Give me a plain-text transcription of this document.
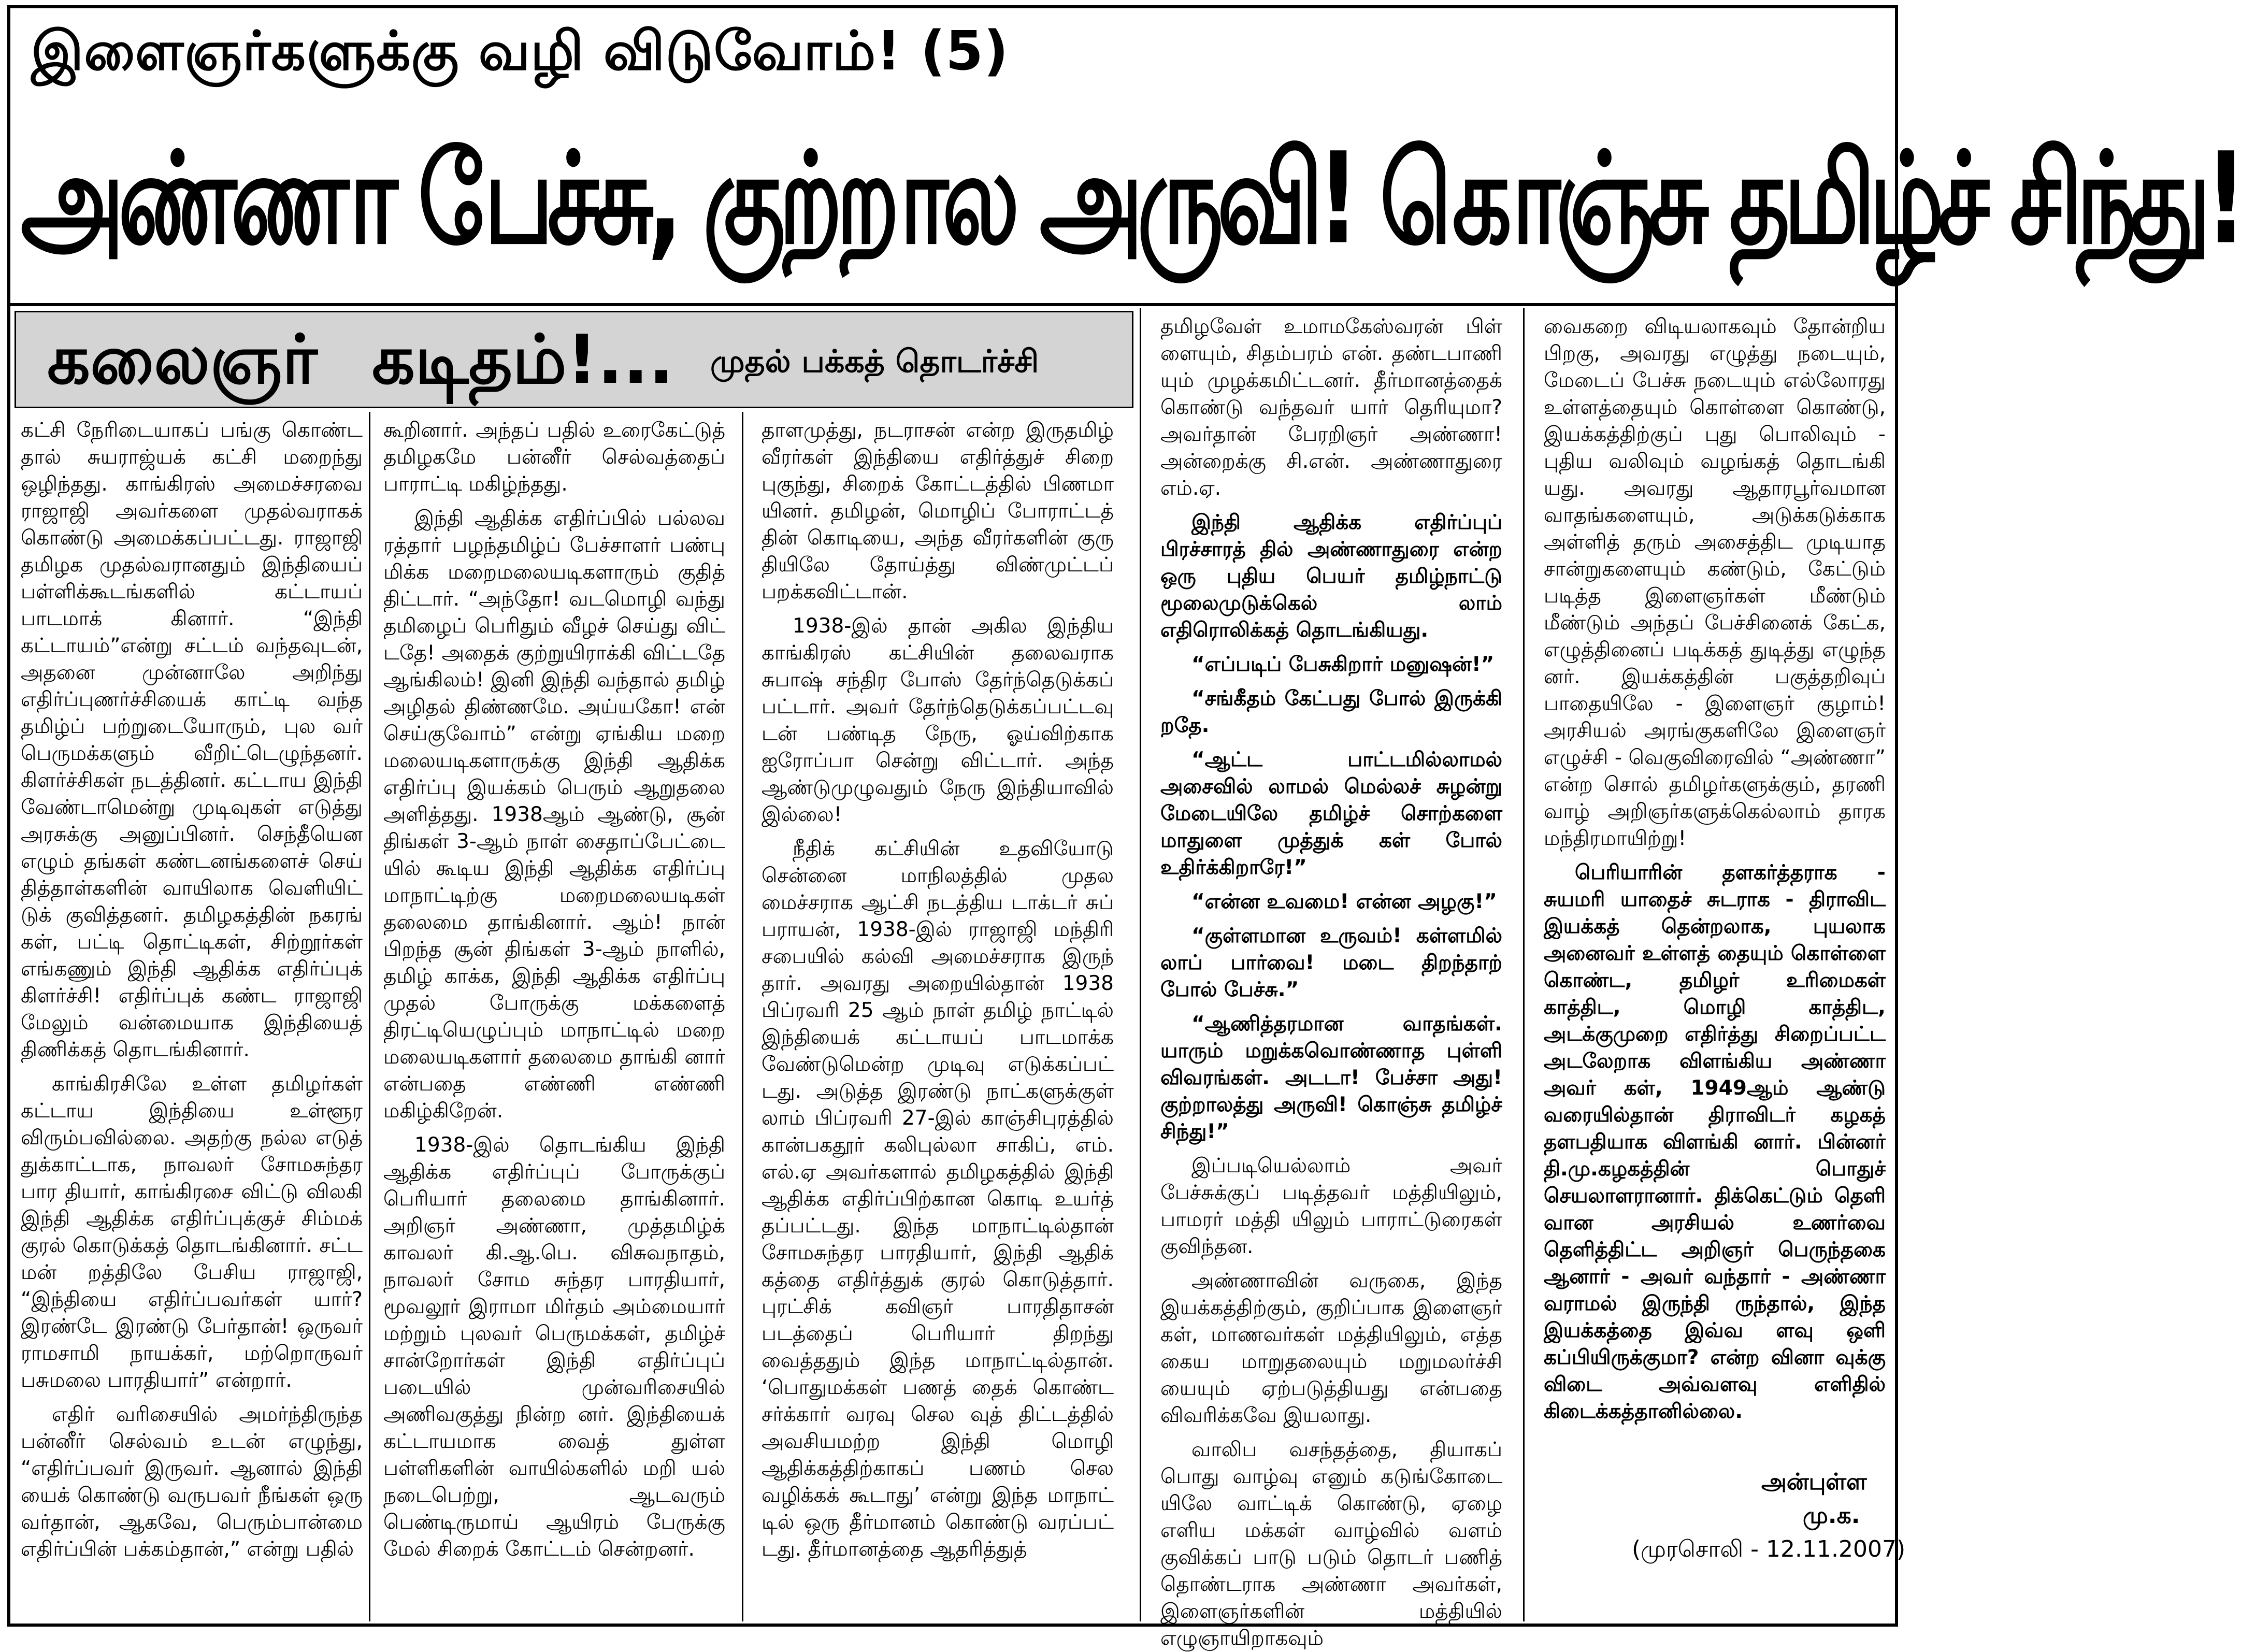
இளைஞர்களுக்கு வழி விடுவோம்! (5)
அண்ணா பேச்சு, குற்றால அருவி! கொஞ்சு தமிழ்ச் சிந்து!
கலைஞர் கடிதம்!... முதல் பக்கத் தொடர்ச்சி

கட்சி நேரிடையாகப் பங்கு கொண்ட தால் சுயராஜ்யக் கட்சி மறைந்து ஒழிந்தது. காங்கிரஸ் அமைச்சரவை ராஜாஜி அவர்களை முதல்வராகக் கொண்டு அமைக்கப்பட்டது. ராஜாஜி தமிழக முதல்வரானதும் இந்தியைப் பள்ளிக்கூடங்களில் கட்டாயப் பாடமாக் கினார். “இந்தி கட்டாயம்”என்று சட்டம் வந்தவுடன், அதனை முன்னாலே அறிந்து எதிர்ப்புணர்ச்சியைக் காட்டி வந்த தமிழ்ப் பற்றுடையோரும், புல வர் பெருமக்களும் வீறிட்டெழுந்தனர். கிளர்ச்சிகள் நடத்தினர். கட்டாய இந்தி வேண்டாமென்று முடிவுகள் எடுத்து அரசுக்கு அனுப்பினர். செந்தீயென எழும் தங்கள் கண்டனங்களைச் செய் தித்தாள்களின் வாயிலாக வெளியிட் டுக் குவித்தனர். தமிழகத்தின் நகரங் கள், பட்டி தொட்டிகள், சிற்றூர்கள் எங்கணும் இந்தி ஆதிக்க எதிர்ப்புக் கிளர்ச்சி! எதிர்ப்புக் கண்ட ராஜாஜி மேலும் வன்மையாக இந்தியைத் திணிக்கத் தொடங்கினார்.

காங்கிரசிலே உள்ள தமிழர்கள் கட்டாய இந்தியை உள்ளூர விரும்பவில்லை. அதற்கு நல்ல எடுத் துக்காட்டாக, நாவலர் சோமசுந்தர பார தியார், காங்கிரசை விட்டு விலகி இந்தி ஆதிக்க எதிர்ப்புக்குச் சிம்மக் குரல் கொடுக்கத் தொடங்கினார். சட்ட மன் றத்திலே பேசிய ராஜாஜி, “இந்தியை எதிர்ப்பவர்கள் யார்? இரண்டே இரண்டு பேர்தான்! ஒருவர் ராமசாமி நாயக்கர், மற்றொருவர் பசுமலை பாரதியார்” என்றார்.

எதிர் வரிசையில் அமர்ந்திருந்த பன்னீர் செல்வம் உடன் எழுந்து, “எதிர்ப்பவர் இருவர். ஆனால் இந்தி யைக் கொண்டு வருபவர் நீங்கள் ஒரு வர்தான், ஆகவே, பெரும்பான்மை எதிர்ப்பின் பக்கம்தான்,” என்று பதில்

கூறினார். அந்தப் பதில் உரைகேட்டுத் தமிழகமே பன்னீர் செல்வத்தைப் பாராட்டி மகிழ்ந்தது.

இந்தி ஆதிக்க எதிர்ப்பில் பல்லவ ரத்தாா் பழந்தமிழ்ப் பேச்சாளர் பண்பு மிக்க மறைமலையடிகளாரும் குதித் திட்டார். “அந்தோ! வடமொழி வந்து தமிழைப் பெரிதும் வீழச் செய்து விட் டதே! அதைக் குற்றுயிராக்கி விட்டதே ஆங்கிலம்! இனி இந்தி வந்தால் தமிழ் அழிதல் திண்ணமே. அய்யகோ! என் செய்குவோம்” என்று ஏங்கிய மறை மலையடிகளாருக்கு இந்தி ஆதிக்க எதிர்ப்பு இயக்கம் பெரும் ஆறுதலை அளித்தது. 1938ஆம் ஆண்டு, சூன் திங்கள் 3-ஆம் நாள் சைதாப்பேட்டை யில் கூடிய இந்தி ஆதிக்க எதிர்ப்பு மாநாட்டிற்கு மறைமலையடிகள் தலைமை தாங்கினார். ஆம்! நான் பிறந்த சூன் திங்கள் 3-ஆம் நாளில், தமிழ் காக்க, இந்தி ஆதிக்க எதிர்ப்பு முதல் போருக்கு மக்களைத் திரட்டியெழுப்பும் மாநாட்டில் மறை மலையடிகளார் தலைமை தாங்கி னார் என்பதை எண்ணி எண்ணி மகிழ்கிறேன்.

1938-இல் தொடங்கிய இந்தி ஆதிக்க எதிர்ப்புப் போருக்குப் பெரியார் தலைமை தாங்கினார். அறிஞர் அண்ணா, முத்தமிழ்க் காவலர் கி.ஆ.பெ. விசுவநாதம், நாவலர் சோம சுந்தர பாரதியார், மூவலூர் இராமா மிர்தம் அம்மையார் மற்றும் புலவர் பெருமக்கள், தமிழ்ச் சான்றோர்கள் இந்தி எதிர்ப்புப் படையில் முன்வரிசையில் அணிவகுத்து நின்ற னர். இந்தியைக் கட்டாயமாக வைத் துள்ள பள்ளிகளின் வாயில்களில் மறி யல் நடைபெற்று, ஆடவரும் பெண்டிருமாய் ஆயிரம் பேருக்கு மேல் சிறைக் கோட்டம் சென்றனர்.

தாளமுத்து, நடராசன் என்ற இருதமிழ் வீரர்கள் இந்தியை எதிர்த்துச் சிறை புகுந்து, சிறைக் கோட்டத்தில் பிணமா யினர். தமிழன், மொழிப் போராட்டத் தின் கொடியை, அந்த வீரர்களின் குரு தியிலே தோய்த்து விண்முட்டப் பறக்கவிட்டான்.

1938-இல் தான் அகில இந்திய காங்கிரஸ் கட்சியின் தலைவராக சுபாஷ் சந்திர போஸ் தேர்ந்தெடுக்கப் பட்டார். அவர் தேர்ந்தெடுக்கப்பட்டவு டன் பண்டித நேரு, ஓய்விற்காக ஐரோப்பா சென்று விட்டார். அந்த ஆண்டுமுழுவதும் நேரு இந்தியாவில் இல்லை!

நீதிக் கட்சியின் உதவியோடு சென்னை மாநிலத்தில் முதல மைச்சராக ஆட்சி நடத்திய டாக்டர் சுப் பராயன், 1938-இல் ராஜாஜி மந்திரி சபையில் கல்வி அமைச்சராக இருந் தார். அவரது அறையில்தான் 1938 பிப்ரவரி 25 ஆம் நாள் தமிழ் நாட்டில் இந்தியைக் கட்டாயப் பாடமாக்க வேண்டுமென்ற முடிவு எடுக்கப்பட் டது. அடுத்த இரண்டு நாட்களுக்குள் லாம் பிப்ரவரி 27-இல் காஞ்சிபுரத்தில் கான்பகதூர் கலிபுல்லா சாகிப், எம். எல்.ஏ அவர்களால் தமிழகத்தில் இந்தி ஆதிக்க எதிர்ப்பிற்கான கொடி உயர்த் தப்பட்டது. இந்த மாநாட்டில்தான் சோமசுந்தர பாரதியார், இந்தி ஆதிக் கத்தை எதிர்த்துக் குரல் கொடுத்தார். புரட்சிக் கவிஞர் பாரதிதாசன் படத்தைப் பெரியார் திறந்து வைத்ததும் இந்த மாநாட்டில்தான். ‘பொதுமக்கள் பணத் தைக் கொண்ட சர்க்கார் வரவு செல வுத் திட்டத்தில் அவசியமற்ற இந்தி மொழி ஆதிக்கத்திற்காகப் பணம் செல வழிக்கக் கூடாது’ என்று இந்த மாநாட் டில் ஒரு தீர்மானம் கொண்டு வரப்பட் டது. தீர்மானத்தை ஆதரித்துத்

தமிழவேள் உமாமகேஸ்வரன் பிள் ளையும், சிதம்பரம் என். தண்டபாணி யும் முழக்கமிட்டனர். தீர்மானத்தைக் கொண்டு வந்தவர் யார் தெரியுமா? அவர்தான் பேரறிஞர் அண்ணா! அன்றைக்கு சி.என். அண்ணாதுரை எம்.ஏ.

இந்தி ஆதிக்க எதிர்ப்புப் பிரச்சாரத் தில் அண்ணாதுரை என்ற ஒரு புதிய பெயர் தமிழ்நாட்டு மூலைமுடுக்கெல் லாம் எதிரொலிக்கத் தொடங்கியது.

“எப்படிப் பேசுகிறார் மனுஷன்!”

“சங்கீதம் கேட்பது போல் இருக்கி றதே.

“ஆட்ட பாட்டமில்லாமல் அசைவில் லாமல் மெல்லச் சுழன்று மேடையிலே தமிழ்ச் சொற்களை மாதுளை முத்துக் கள் போல் உதிர்க்கிறாரே!”

“என்ன உவமை! என்ன அழகு!”

“குள்ளமான உருவம்! கள்ளமில் லாப் பார்வை! மடை திறந்தாற் போல் பேச்சு.”

“ஆணித்தரமான வாதங்கள். யாரும் மறுக்கவொண்ணாத புள்ளி விவரங்கள். அடடா! பேச்சா அது! குற்றாலத்து அருவி! கொஞ்சு தமிழ்ச் சிந்து!”

இப்படியெல்லாம் அவர் பேச்சுக்குப் படித்தவர் மத்தியிலும், பாமரர் மத்தி யிலும் பாராட்டுரைகள் குவிந்தன.

அண்ணாவின் வருகை, இந்த இயக்கத்திற்கும், குறிப்பாக இளைஞர் கள், மாணவர்கள் மத்தியிலும், எத்த கைய மாறுதலையும் மறுமலர்ச்சி யையும் ஏற்படுத்தியது என்பதை விவரிக்கவே இயலாது.

வாலிப வசந்தத்தை, தியாகப் பொது வாழ்வு எனும் கடுங்கோடை யிலே வாட்டிக் கொண்டு, ஏழை எளிய மக்கள் வாழ்வில் வளம் குவிக்கப் பாடு படும் தொடர் பணித் தொண்டராக அண்ணா அவர்கள், இளைஞர்களின் மத்தியில் எழுஞாயிறாகவும்

வைகறை விடியலாகவும் தோன்றிய பிறகு, அவரது எழுத்து நடையும், மேடைப் பேச்சு நடையும் எல்லோரது உள்ளத்தையும் கொள்ளை கொண்டு, இயக்கத்திற்குப் புது பொலிவும் - புதிய வலிவும் வழங்கத் தொடங்கி யது. அவரது ஆதாரபூர்வமான வாதங்களையும், அடுக்கடுக்காக அள்ளித் தரும் அசைத்திட முடியாத சான்றுகளையும் கண்டும், கேட்டும் படித்த இளைஞர்கள் மீண்டும் மீண்டும் அந்தப் பேச்சினைக் கேட்க, எழுத்தினைப் படிக்கத் துடித்து எழுந்த னர். இயக்கத்தின் பகுத்தறிவுப் பாதையிலே - இளைஞர் குழாம்! அரசியல் அரங்குகளிலே இளைஞர் எழுச்சி - வெகுவிரைவில் “அண்ணா” என்ற சொல் தமிழர்களுக்கும், தரணி வாழ் அறிஞர்களுக்கெல்லாம் தாரக மந்திரமாயிற்று!

பெரியாரின் தளகர்த்தராக - சுயமரி யாதைச் சுடராக - திராவிட இயக்கத் தென்றலாக, புயலாக அனைவர் உள்ளத் தையும் கொள்ளை கொண்ட, தமிழர் உரிமைகள் காத்திட, மொழி காத்திட, அடக்குமுறை எதிர்த்து சிறைப்பட்ட அடலேறாக விளங்கிய அண்ணா அவர் கள், 1949ஆம் ஆண்டு வரையில்தான் திராவிடர் கழகத் தளபதியாக விளங்கி னார். பின்னர் தி.மு.கழகத்தின் பொதுச் செயலாளரானார். திக்கெட்டும் தெளி வான அரசியல் உணர்வை தெளித்திட்ட அறிஞர் பெருந்தகை ஆனார் - அவர் வந்தார் - அண்ணா வராமல் இருந்தி ருந்தால், இந்த இயக்கத்தை இவ்வ ளவு ஒளி கப்பியிருக்குமா? என்ற வினா வுக்கு விடை அவ்வளவு எளிதில் கிடைக்கத்தானில்லை.

அன்புள்ள
மு.க.
(முரசொலி - 12.11.2007)
